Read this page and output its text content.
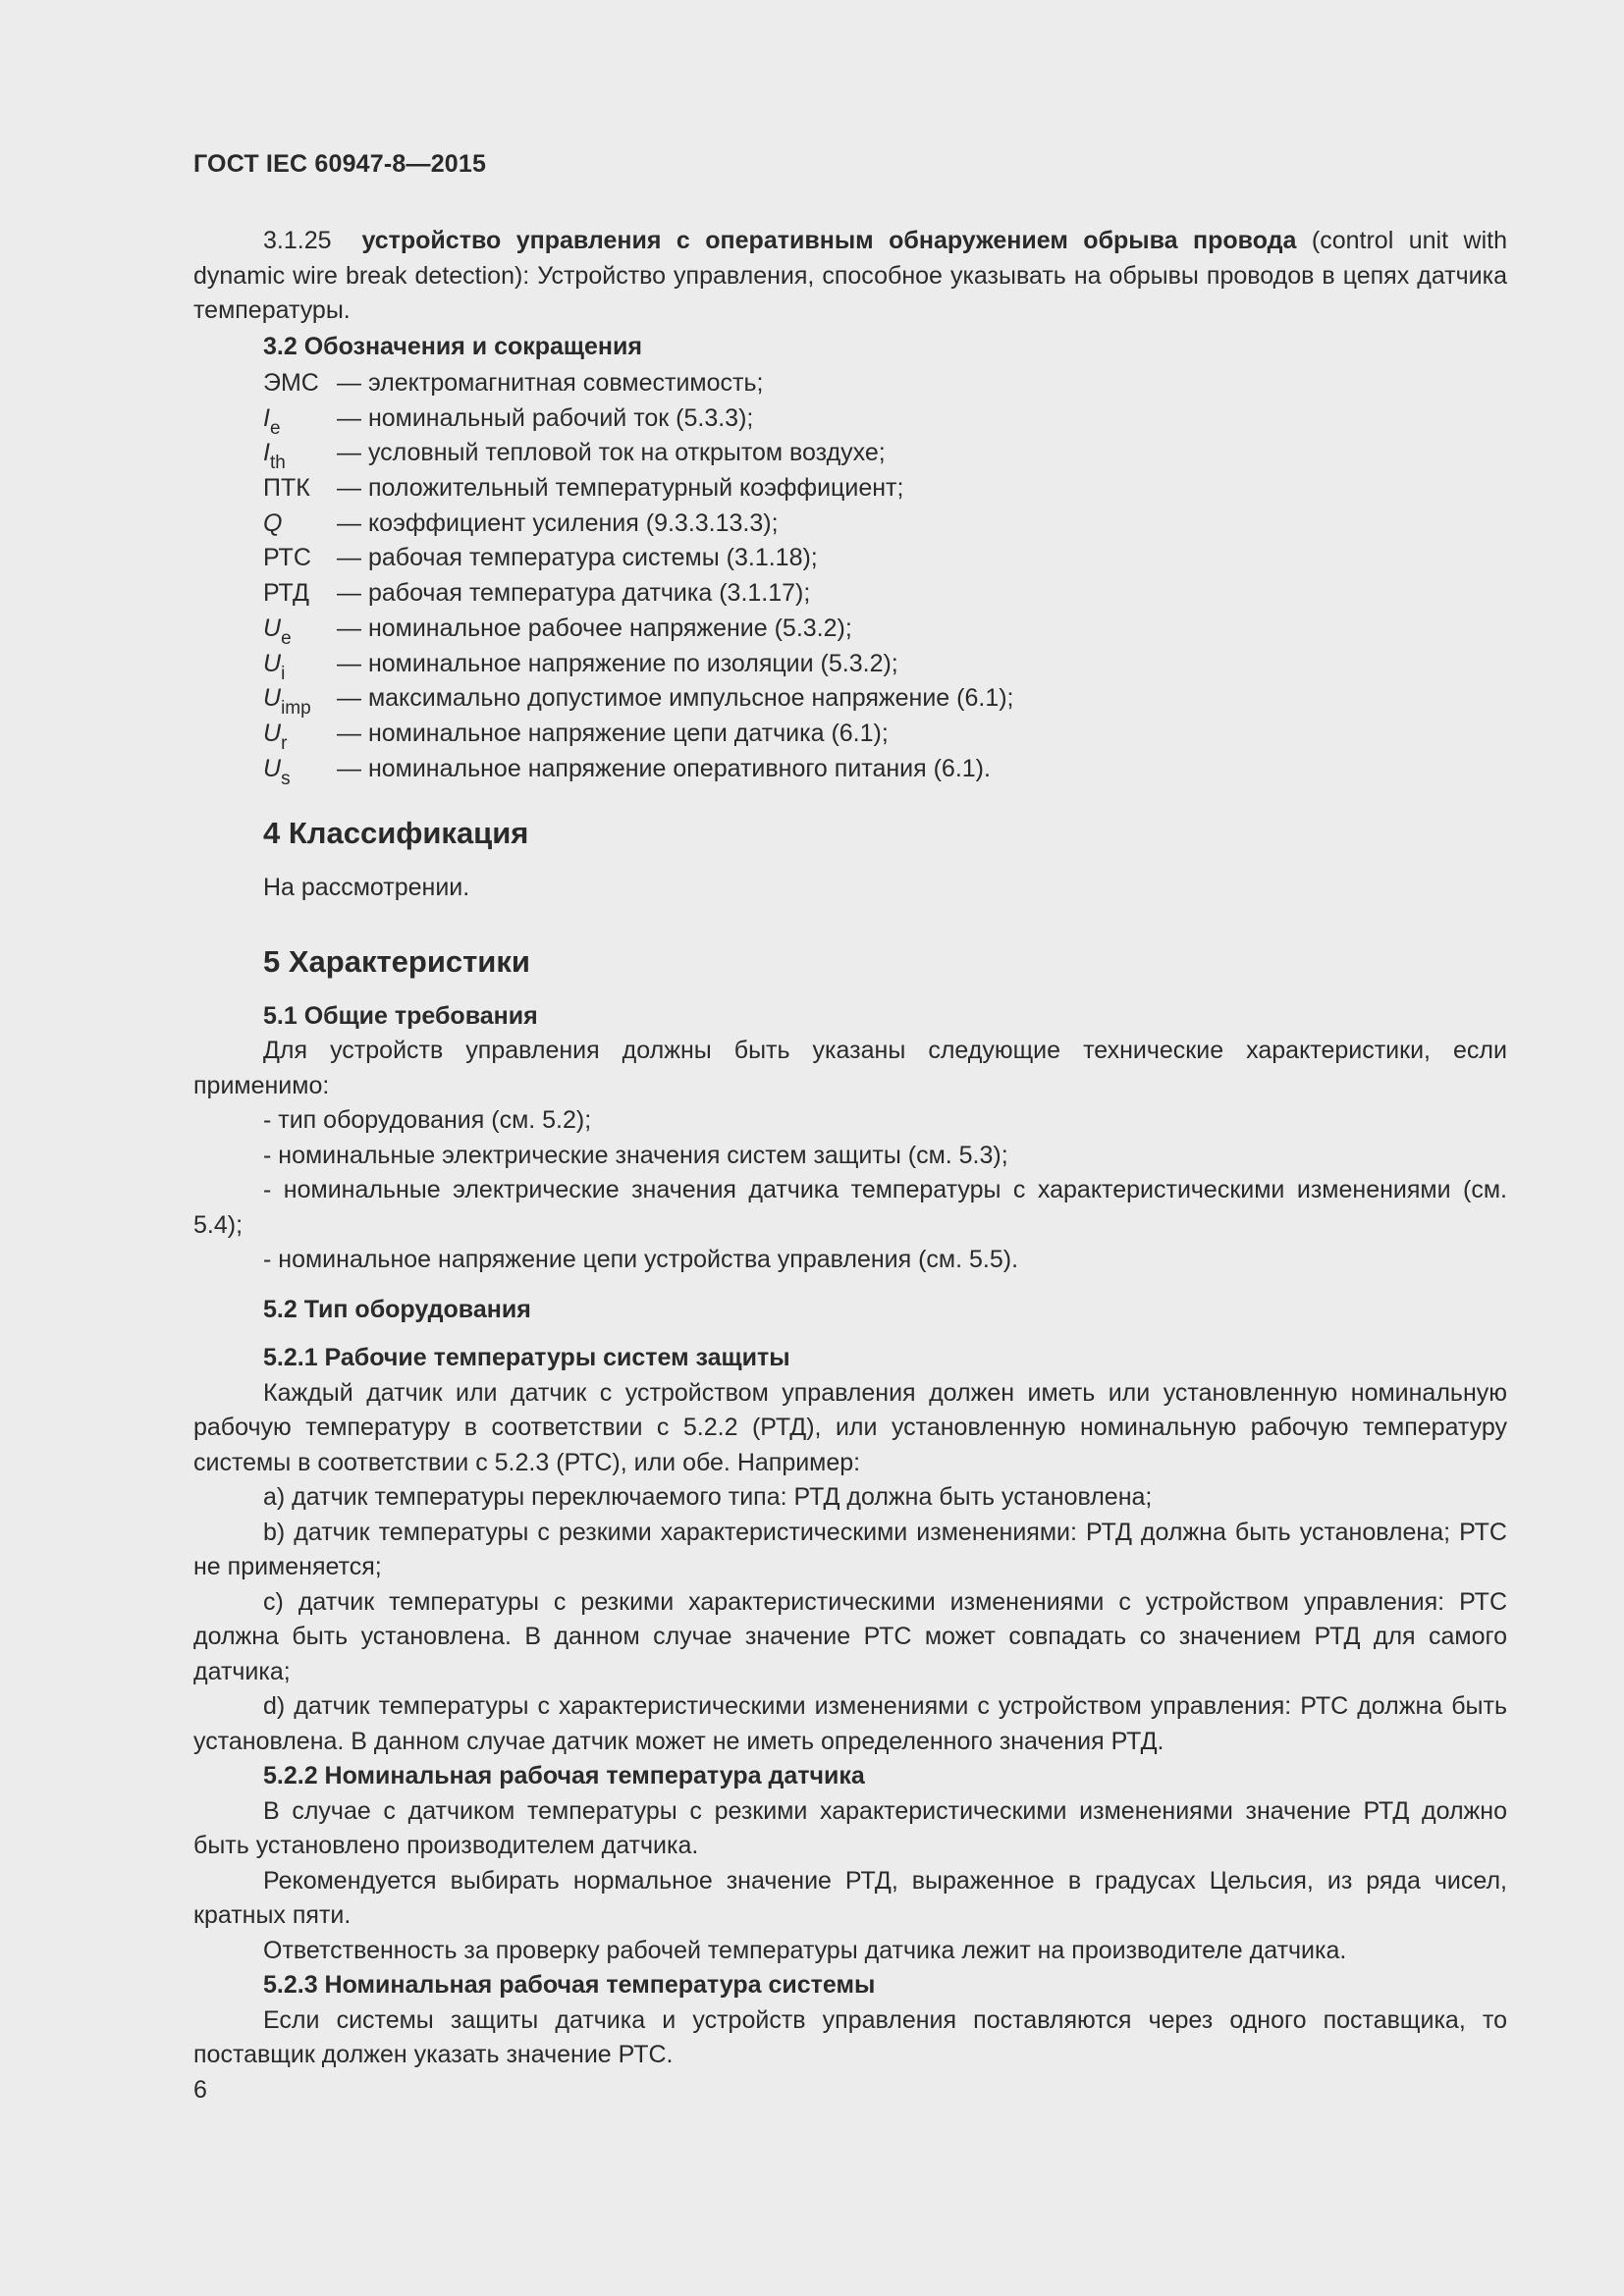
ГОСТ IEC 60947-8—2015

3.1.25 устройство управления с оперативным обнаружением обрыва провода (control unit with dynamic wire break detection): Устройство управления, способное указывать на обрывы проводов в цепях датчика температуры.

3.2 Обозначения и сокращения

ЭМС — электромагнитная совместимость;
$I_e$	— номинальный рабочий ток (5.3.3);
$I_{th}$	— условный тепловой ток на открытом воздухе;
ПТК	— положительный температурный коэффициент;
Q	— коэффициент усиления (9.3.3.13.3);
РТС	— рабочая температура системы (3.1.18);
РТД	— рабочая температура датчика (3.1.17);
$U_e$	— номинальное рабочее напряжение (5.3.2);
$U_i$	— номинальное напряжение по изоляции (5.3.2);
$U_{imp}$	— максимально допустимое импульсное напряжение (6.1);
$U_r$	— номинальное напряжение цепи датчика (6.1);
$U_s$	— номинальное напряжение оперативного питания (6.1).

4 Классификация

На рассмотрении.

5 Характеристики

5.1 Общие требования

Для устройств управления должны быть указаны следующие технические характеристики, если применимо:

- тип оборудования (см. 5.2);

- номинальные электрические значения систем защиты (см. 5.3);

- номинальные электрические значения датчика температуры с характеристическими изменениями (см. 5.4);

- номинальное напряжение цепи устройства управления (см. 5.5).

5.2 Тип оборудования

5.2.1 Рабочие температуры систем защиты

Каждый датчик или датчик с устройством управления должен иметь или установленную номинальную рабочую температуру в соответствии с 5.2.2 (РТД), или установленную номинальную рабочую температуру системы в соответствии с 5.2.3 (РТС), или обе. Например:

a) датчик температуры переключаемого типа: РТД должна быть установлена;

b) датчик температуры с резкими характеристическими изменениями: РТД должна быть установлена; РТС не применяется;

c) датчик температуры с резкими характеристическими изменениями с устройством управления: РТС должна быть установлена. В данном случае значение РТС может совпадать со значением РТД для самого датчика;

d) датчик температуры с характеристическими изменениями с устройством управления: РТС должна быть установлена. В данном случае датчик может не иметь определенного значения РТД.

5.2.2 Номинальная рабочая температура датчика

В случае с датчиком температуры с резкими характеристическими изменениями значение РТД должно быть установлено производителем датчика.

Рекомендуется выбирать нормальное значение РТД, выраженное в градусах Цельсия, из ряда чисел, кратных пяти.

Ответственность за проверку рабочей температуры датчика лежит на производителе датчика.

5.2.3 Номинальная рабочая температура системы

Если системы защиты датчика и устройств управления поставляются через одного поставщика, то поставщик должен указать значение РТС.

6
